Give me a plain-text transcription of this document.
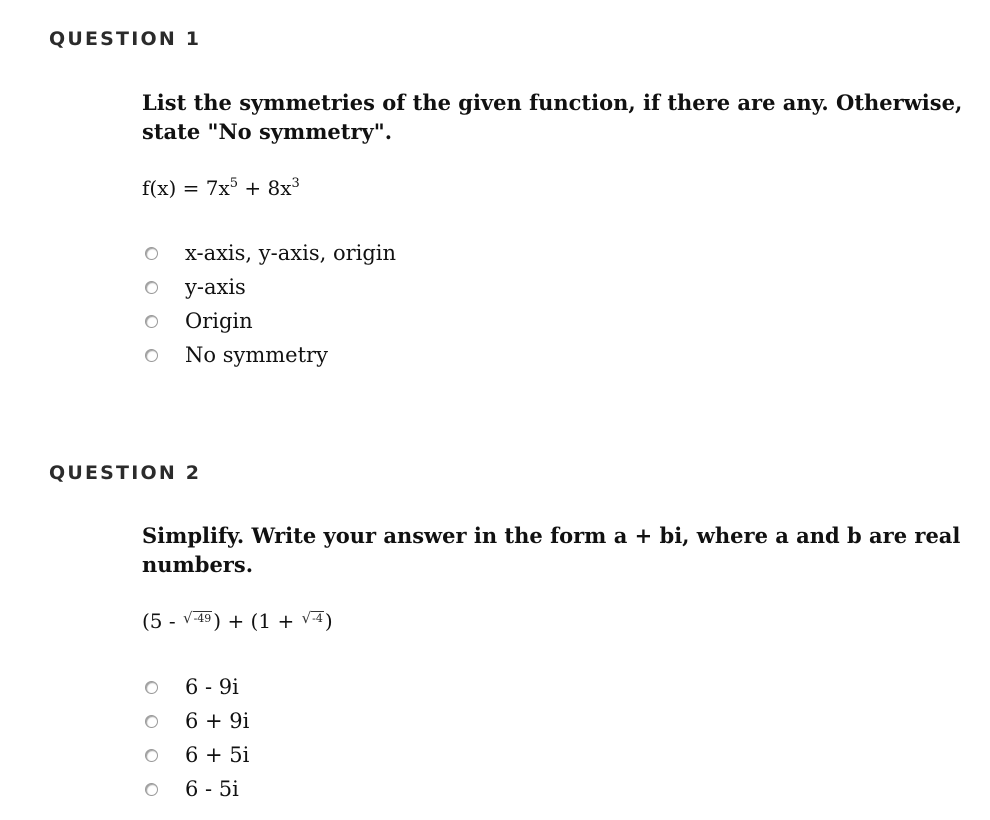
QUESTION 1

List the symmetries of the given function, if there are any. Otherwise, state "No symmetry".

$f(x) = 7x^5 + 8x^3$
x-axis, y-axis, origin
y-axis
Origin
No symmetry
QUESTION 2

Simplify. Write your answer in the form a + bi, where a and b are real numbers.

(5 - √ -49 ) + (1 + √ -4 )
6 - 9i
6 + 9i
6 + 5i
6 - 5i
